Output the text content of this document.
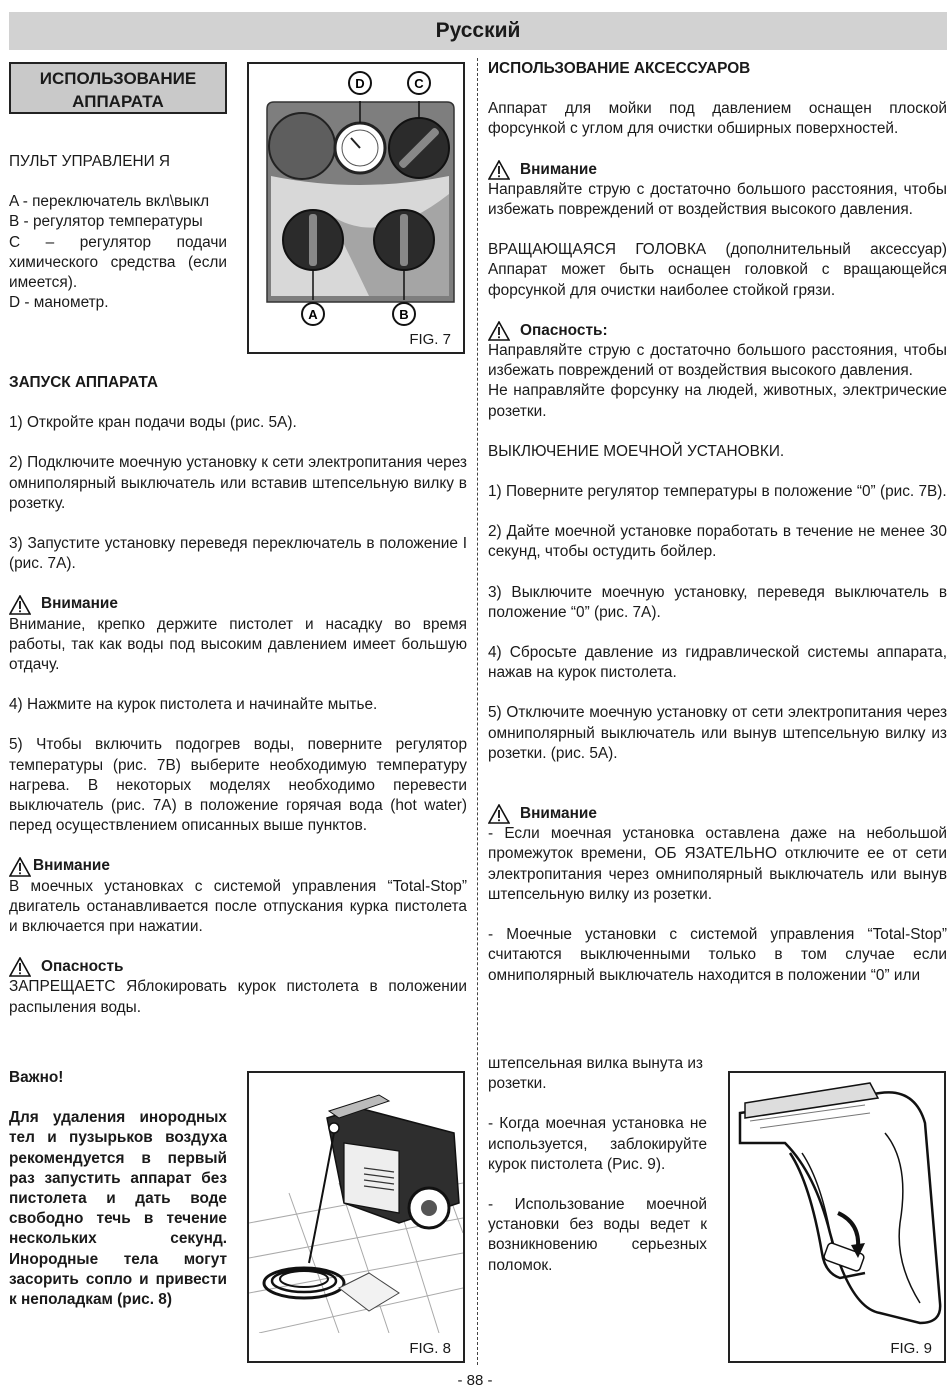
Русский
ИСПОЛЬЗОВАНИЕ АППАРАТА

ПУЛЬТ УПРАВЛЕНИ Я

A - переключатель вкл\выкл

B - регулятор температуры

C – регулятор подачи химического средства (если имеется).

D - манометр.

D	C
A	B
FIG. 7

ЗАПУСК АППАРАТА

1) Откройте кран подачи воды (рис. 5A).

2) Подключите моечную установку к сети электропитания через омниполярный выключатель или вставив штепсельную вилку в розетку.

3) Запустите установку переведя переключатель в положение I (рис. 7A).

Внимание

Внимание, крепко держите пистолет и насадку во время работы, так как воды под высоким давлением имеет большую отдачу.

4) Нажмите на курок пистолета и начинайте мытье.

5) Чтобы включить подогрев воды, поверните регулятор температуры (рис. 7B) выберите необходимую температуру нагрева. В некоторых моделях необходимо перевести выключатель (рис. 7A) в положение горячая вода (hot water) перед осуществлением описанных выше пунктов.

Внимание

В моечных установках с системой управления “Total-Stop” двигатель останавливается после отпускания курка пистолета и включается при нажатии.

Опасность

ЗАПРЕЩАЕТС Яблокировать курок пистолета в положении распыления воды.

Важно!

Для удаления инородных тел и пузырьков воздуха рекомендуется в первый раз запустить аппарат без пистолета и дать воде свободно течь в течение нескольких секунд. Инородные тела могут засорить сопло и привести к неполадкам (рис. 8)

FIG. 8

ИСПОЛЬЗОВАНИЕ АКСЕССУАРОВ

Аппарат для мойки под давлением оснащен плоской форсункой с углом для очистки обширных поверхностей.

Внимание

Направляйте струю с достаточно большого расстояния, чтобы избежать повреждений от воздействия высокого давления.

ВРАЩАЮЩАЯСЯ ГОЛОВКА (дополнительный аксессуар) Аппарат может быть оснащен головкой с вращающейся форсункой для очистки наиболее стойкой грязи.

Опасность:

Направляйте струю с достаточно большого расстояния, чтобы избежать повреждений от воздействия высокого давления.

Не направляйте форсунку на людей, животных, электрические розетки.

ВЫКЛЮЧЕНИЕ МОЕЧНОЙ УСТАНОВКИ.

1) Поверните регулятор температуры в положение “0” (рис. 7B).

2) Дайте моечной установке поработать в течение не менее 30 секунд, чтобы остудить бойлер.

3) Выключите моечную установку, переведя выключатель в положение “0” (рис. 7A).

4) Сбросьте давление из гидравлической системы аппарата, нажав на курок пистолета.

5) Отключите моечную установку от сети электропитания через омниполярный выключатель или вынув штепсельную вилку из розетки. (рис. 5A).

Внимание

- Если моечная установка оставлена даже на небольшой промежуток времени, ОБ ЯЗАТЕЛЬНО отключите ее от сети электропитания через омниполярный выключатель или вынув штепсельную вилку из розетки.

- Моечные установки с системой управления “Total-Stop” считаются выключенными только в том случае если омниполярный выключатель находится в положении “0” или

штепсельная вилка вынута из розетки.

- Когда моечная установка не используется, заблокируйте курок пистолета (Рис. 9).

- Использование моечной установки без воды ведет к возникновению серьезных поломок.

FIG. 9
- 88 -
